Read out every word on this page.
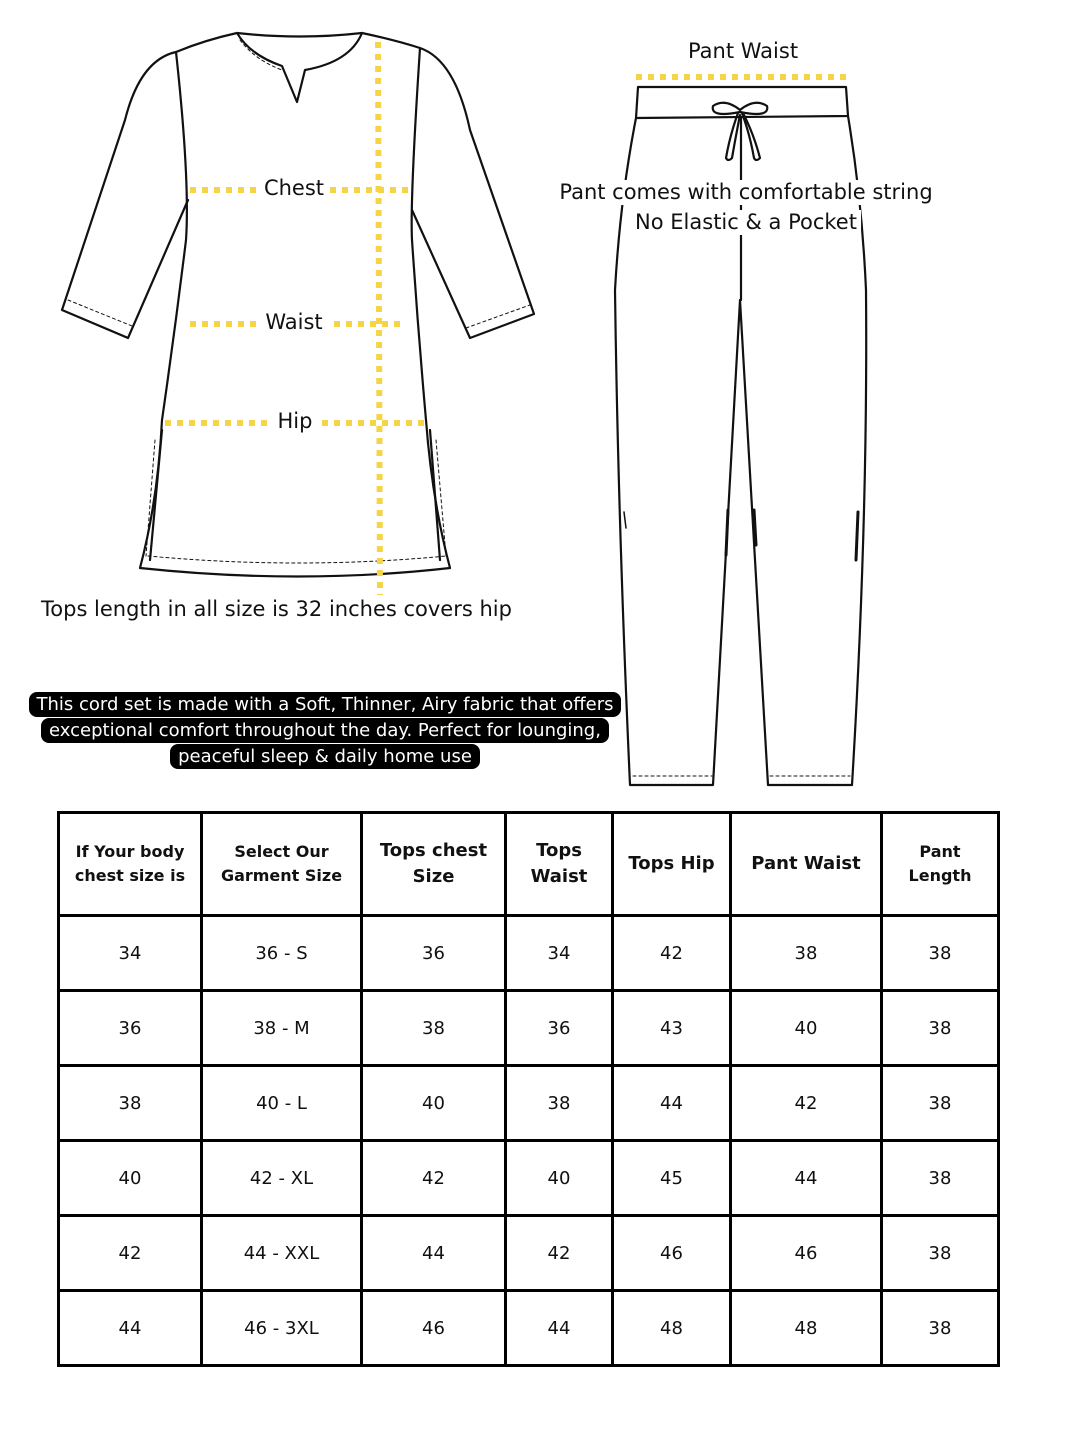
Chest
Waist
Hip
Tops length in all size is 32 inches covers hip
Pant Waist
Pant comes with comfortable string
No Elastic & a Pocket
This cord set is made with a Soft, Thinner, Airy fabric that offers exceptional comfort throughout the day. Perfect for lounging, peaceful sleep & daily home use
If Your body chest size is	Select Our Garment Size	Tops chest Size	Tops Waist	Tops Hip	Pant Waist	Pant Length
34	36 - S	36	34	42	38	38
36	38 - M	38	36	43	40	38
38	40 - L	40	38	44	42	38
40	42 - XL	42	40	45	44	38
42	44 - XXL	44	42	46	46	38
44	46 - 3XL	46	44	48	48	38
